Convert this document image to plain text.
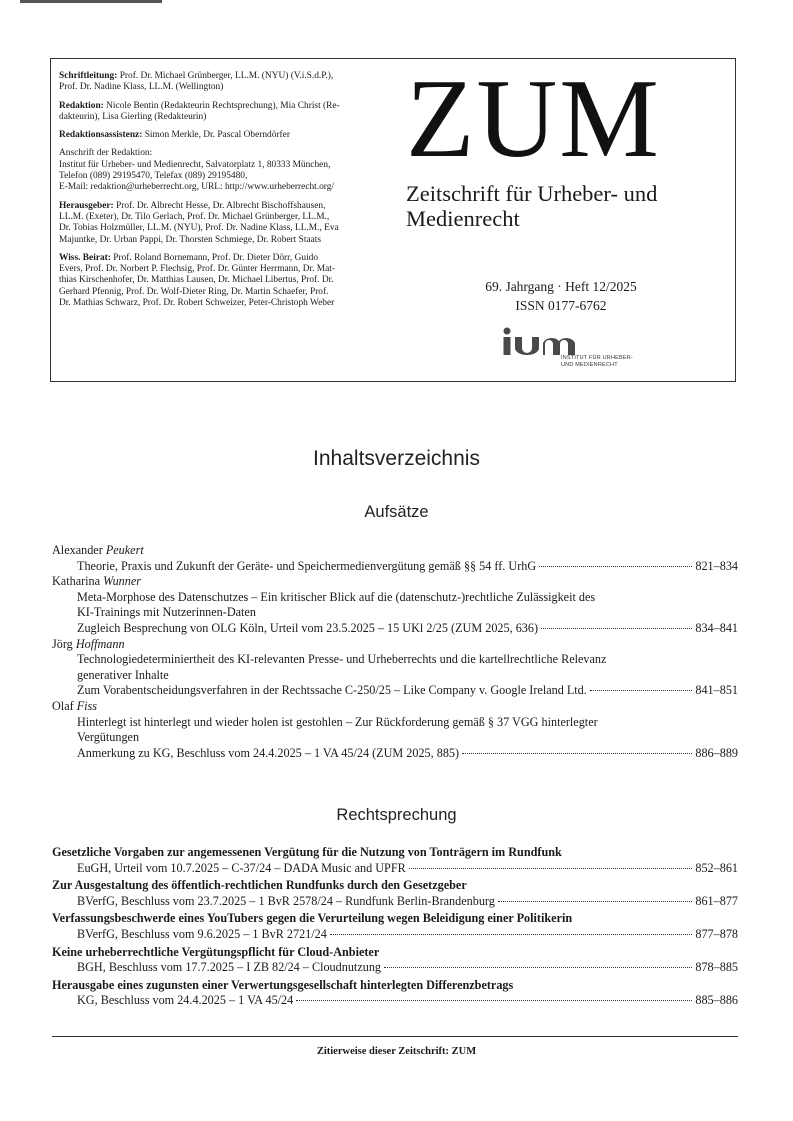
Schriftleitung: Prof. Dr. Michael Grünberger, LL.M. (NYU) (V.i.S.d.P.),
Prof. Dr. Nadine Klass, LL.M. (Wellington)
Redaktion: Nicole Bentin (Redakteurin Rechtsprechung), Mia Christ (Re-
dakteurin), Lisa Gierling (Redakteurin)
Redaktionsassistenz: Simon Merkle, Dr. Pascal Oberndörfer
Anschrift der Redaktion:
Institut für Urheber- und Medienrecht, Salvatorplatz 1, 80333 München,
Telefon (089) 29195470, Telefax (089) 29195480,
E-Mail: redaktion@urheberrecht.org, URL: http://www.urheberrecht.org/
Herausgeber: Prof. Dr. Albrecht Hesse, Dr. Albrecht Bischoffshausen,
LL.M. (Exeter), Dr. Tilo Gerlach, Prof. Dr. Michael Grünberger, LL.M.,
Dr. Tobias Holzmüller, LL.M. (NYU), Prof. Dr. Nadine Klass, LL.M., Eva
Majuntke, Dr. Urban Pappi, Dr. Thorsten Schmiege, Dr. Robert Staats
Wiss. Beirat: Prof. Roland Bornemann, Prof. Dr. Dieter Dörr, Guido
Evers, Prof. Dr. Norbert P. Flechsig, Prof. Dr. Günter Herrmann, Dr. Mat-
thias Kirschenhofer, Dr. Matthias Lausen, Dr. Michael Libertus, Prof. Dr.
Gerhard Pfennig, Prof. Dr. Wolf-Dieter Ring, Dr. Martin Schaefer, Prof.
Dr. Mathias Schwarz, Prof. Dr. Robert Schweizer, Peter-Christoph Weber
ZUM
Zeitschrift für Urheber- und
Medienrecht
69. Jahrgang · Heft 12/2025
ISSN 0177-6762
INSTITUT FÜR URHEBER-
UND MEDIENRECHT
Inhaltsverzeichnis
Aufsätze
Alexander Peukert
Theorie, Praxis und Zukunft der Geräte- und Speichermedienvergütung gemäß §§ 54 ff. UrhG	821–834
Katharina Wunner
Meta-Morphose des Datenschutzes – Ein kritischer Blick auf die (datenschutz-)rechtliche Zulässigkeit des
KI-Trainings mit Nutzerinnen-Daten
Zugleich Besprechung von OLG Köln, Urteil vom 23.5.2025 – 15 UKl 2/25 (ZUM 2025, 636)	834–841
Jörg Hoffmann
Technologiedeterminiertheit des KI-relevanten Presse- und Urheberrechts und die kartellrechtliche Relevanz
generativer Inhalte
Zum Vorabentscheidungsverfahren in der Rechtssache C-250/25 – Like Company v. Google Ireland Ltd.	841–851
Olaf Fiss
Hinterlegt ist hinterlegt und wieder holen ist gestohlen – Zur Rückforderung gemäß § 37 VGG hinterlegter
Vergütungen
Anmerkung zu KG, Beschluss vom 24.4.2025 – 1 VA 45/24 (ZUM 2025, 885)	886–889
Rechtsprechung
Gesetzliche Vorgaben zur angemessenen Vergütung für die Nutzung von Tonträgern im Rundfunk
EuGH, Urteil vom 10.7.2025 – C-37/24 – DADA Music and UPFR	852–861
Zur Ausgestaltung des öffentlich-rechtlichen Rundfunks durch den Gesetzgeber
BVerfG, Beschluss vom 23.7.2025 – 1 BvR 2578/24 – Rundfunk Berlin-Brandenburg	861–877
Verfassungsbeschwerde eines YouTubers gegen die Verurteilung wegen Beleidigung einer Politikerin
BVerfG, Beschluss vom 9.6.2025 – 1 BvR 2721/24	877–878
Keine urheberrechtliche Vergütungspflicht für Cloud-Anbieter
BGH, Beschluss vom 17.7.2025 – I ZB 82/24 – Cloudnutzung	878–885
Herausgabe eines zugunsten einer Verwertungsgesellschaft hinterlegten Differenzbetrags
KG, Beschluss vom 24.4.2025 – 1 VA 45/24	885–886
Zitierweise dieser Zeitschrift: ZUM
